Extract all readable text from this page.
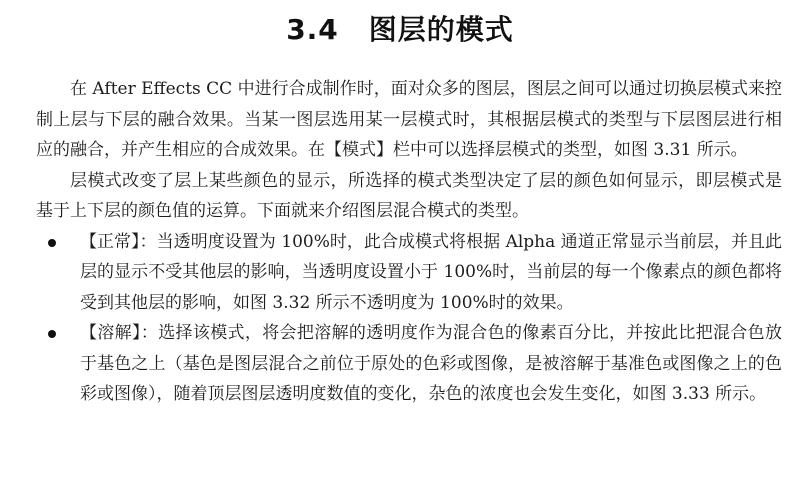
3.4 图层的模式

在 After Effects CC 中进行合成制作时，面对众多的图层，图层之间可以通过切换层模式来控制上层与下层的融合效果。当某一图层选用某一层模式时，其根据层模式的类型与下层图层进行相应的融合，并产生相应的合成效果。在【模式】栏中可以选择层模式的类型，如图 3.31 所示。

层模式改变了层上某些颜色的显示，所选择的模式类型决定了层的颜色如何显示，即层模式是基于上下层的颜色值的运算。下面就来介绍图层混合模式的类型。

【正常】：当透明度设置为 100%时，此合成模式将根据 Alpha 通道正常显示当前层，并且此层的显示不受其他层的影响，当透明度设置小于 100%时，当前层的每一个像素点的颜色都将受到其他层的影响，如图 3.32 所示不透明度为 100%时的效果。

【溶解】：选择该模式，将会把溶解的透明度作为混合色的像素百分比，并按此比把混合色放于基色之上（基色是图层混合之前位于原处的色彩或图像，是被溶解于基准色或图像之上的色彩或图像），随着顶层图层透明度数值的变化，杂色的浓度也会发生变化，如图 3.33 所示。
